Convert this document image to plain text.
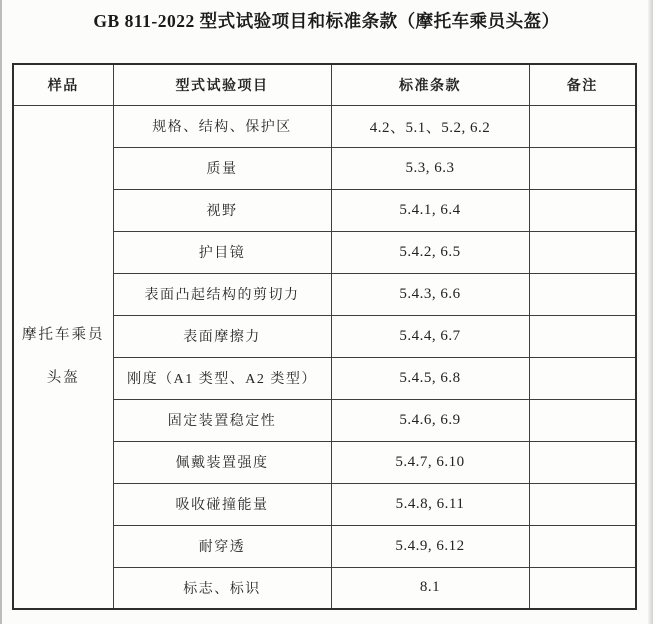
GB 811-2022 型式试验项目和标准条款（摩托车乘员头盔）
样品	型式试验项目	标准条款	备注

摩托车乘员
头盔	规格、结构、保护区	4.2、5.1、5.2, 6.2	
	质量	5.3, 6.3	
	视野	5.4.1, 6.4	
	护目镜	5.4.2, 6.5	
	表面凸起结构的剪切力	5.4.3, 6.6	
	表面摩擦力	5.4.4, 6.7	
	刚度（A1 类型、A2 类型）	5.4.5, 6.8	
	固定装置稳定性	5.4.6, 6.9	
	佩戴装置强度	5.4.7, 6.10	
	吸收碰撞能量	5.4.8, 6.11	
	耐穿透	5.4.9, 6.12	
	标志、标识	8.1	
